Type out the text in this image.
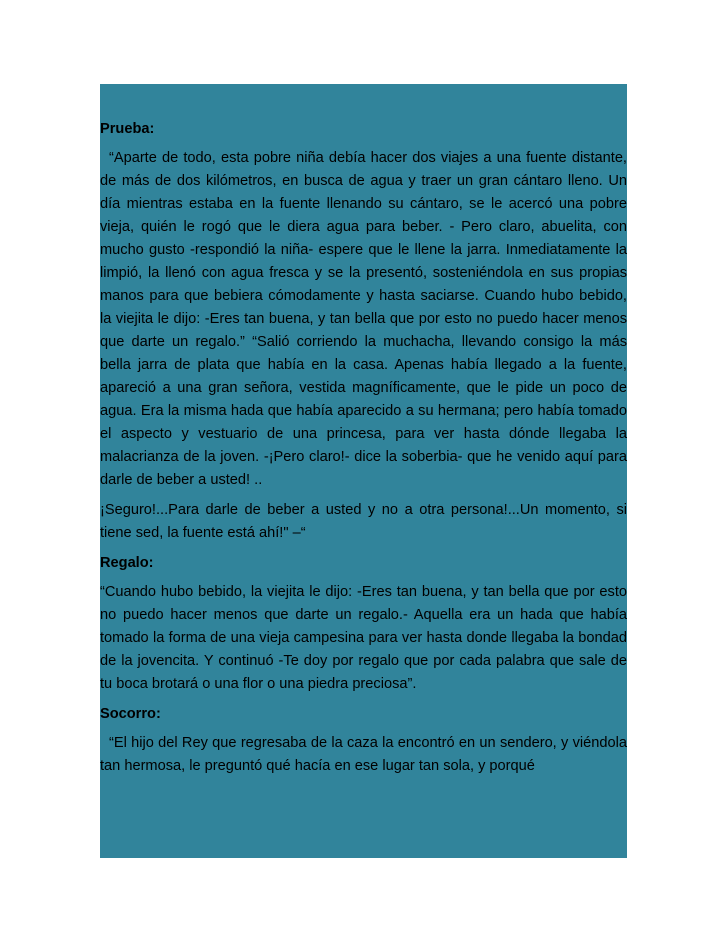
Prueba:

“Aparte de todo, esta pobre niña debía hacer dos viajes a una fuente distante, de más de dos kilómetros, en busca de agua y traer un gran cántaro lleno. Un día mientras estaba en la fuente llenando su cántaro, se le acercó una pobre vieja, quién le rogó que le diera agua para beber. - Pero claro, abuelita, con mucho gusto -respondió la niña- espere que le llene la jarra. Inmediatamente la limpió, la llenó con agua fresca y se la presentó, sosteniéndola en sus propias manos para que bebiera cómodamente y hasta saciarse. Cuando hubo bebido, la viejita le dijo: -Eres tan buena, y tan bella que por esto no puedo hacer menos que darte un regalo.” “Salió corriendo la muchacha, llevando consigo la más bella jarra de plata que había en la casa. Apenas había llegado a la fuente, apareció a una gran señora, vestida magníficamente, que le pide un poco de agua. Era la misma hada que había aparecido a su hermana; pero había tomado el aspecto y vestuario de una princesa, para ver hasta dónde llegaba la malacrianza de la joven. -¡Pero claro!- dice la soberbia- que he venido aquí para darle de beber a usted! ..

¡Seguro!...Para darle de beber a usted y no a otra persona!...Un momento, si tiene sed, la fuente está ahí!" –“

Regalo:

“Cuando hubo bebido, la viejita le dijo: -Eres tan buena, y tan bella que por esto no puedo hacer menos que darte un regalo.- Aquella era un hada que había tomado la forma de una vieja campesina para ver hasta donde llegaba la bondad de la jovencita. Y continuó -Te doy por regalo que por cada palabra que sale de tu boca brotará o una flor o una piedra preciosa”.

Socorro:

“El hijo del Rey que regresaba de la caza la encontró en un sendero, y viéndola tan hermosa, le preguntó qué hacía en ese lugar tan sola, y porqué
